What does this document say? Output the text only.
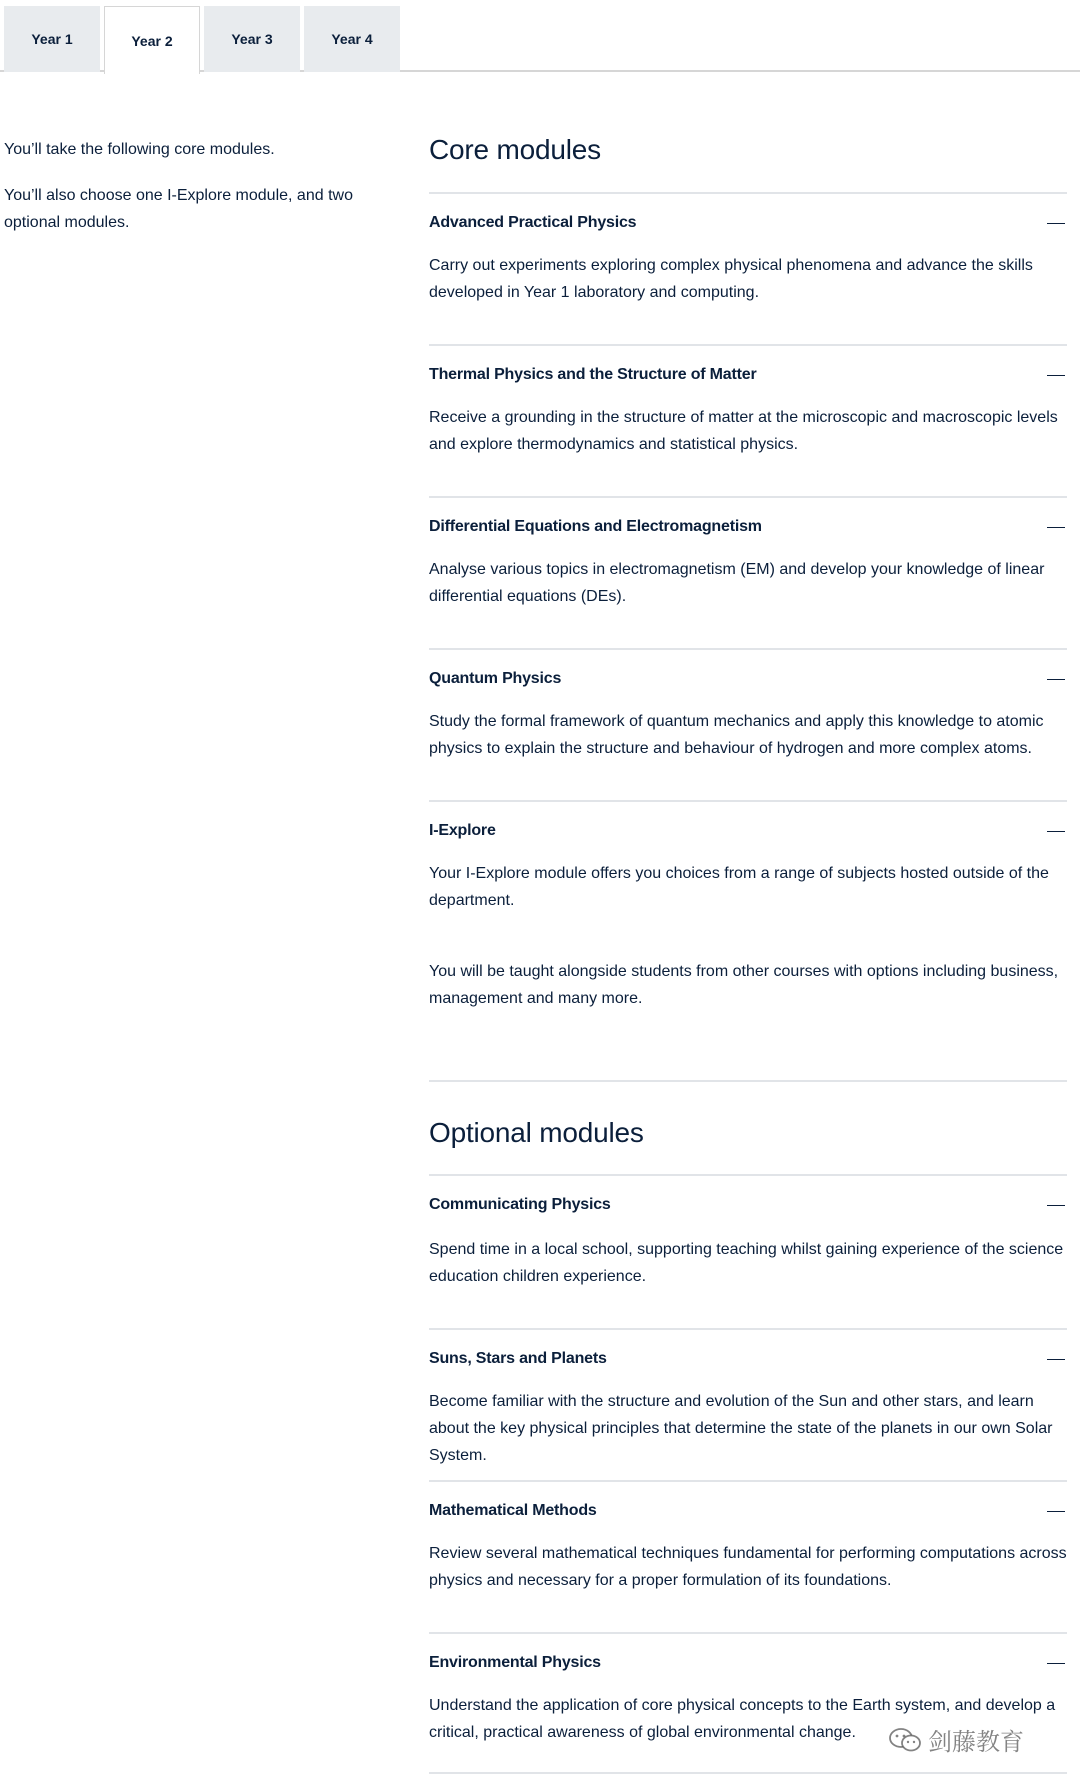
Year 1	Year 2	Year 3	Year 4

You’ll take the following core modules.

You’ll also choose one I-Explore module, and two optional modules.

Core modules
Advanced Practical Physics

Carry out experiments exploring complex physical phenomena and advance the skills developed in Year 1 laboratory and computing.

Thermal Physics and the Structure of Matter

Receive a grounding in the structure of matter at the microscopic and macroscopic levels and explore thermodynamics and statistical physics.

Differential Equations and Electromagnetism

Analyse various topics in electromagnetism (EM) and develop your knowledge of linear differential equations (DEs).

Quantum Physics

Study the formal framework of quantum mechanics and apply this knowledge to atomic physics to explain the structure and behaviour of hydrogen and more complex atoms.

I-Explore

Your I-Explore module offers you choices from a range of subjects hosted outside of the department.

You will be taught alongside students from other courses with options including business, management and many more.

Optional modules
Communicating Physics

Spend time in a local school, supporting teaching whilst gaining experience of the science education children experience.

Suns, Stars and Planets

Become familiar with the structure and evolution of the Sun and other stars, and learn about the key physical principles that determine the state of the planets in our own Solar System.

Mathematical Methods

Review several mathematical techniques fundamental for performing computations across physics and necessary for a proper formulation of its foundations.

Environmental Physics

Understand the application of core physical concepts to the Earth system, and develop a critical, practical awareness of global environmental change.	剑藤教育
